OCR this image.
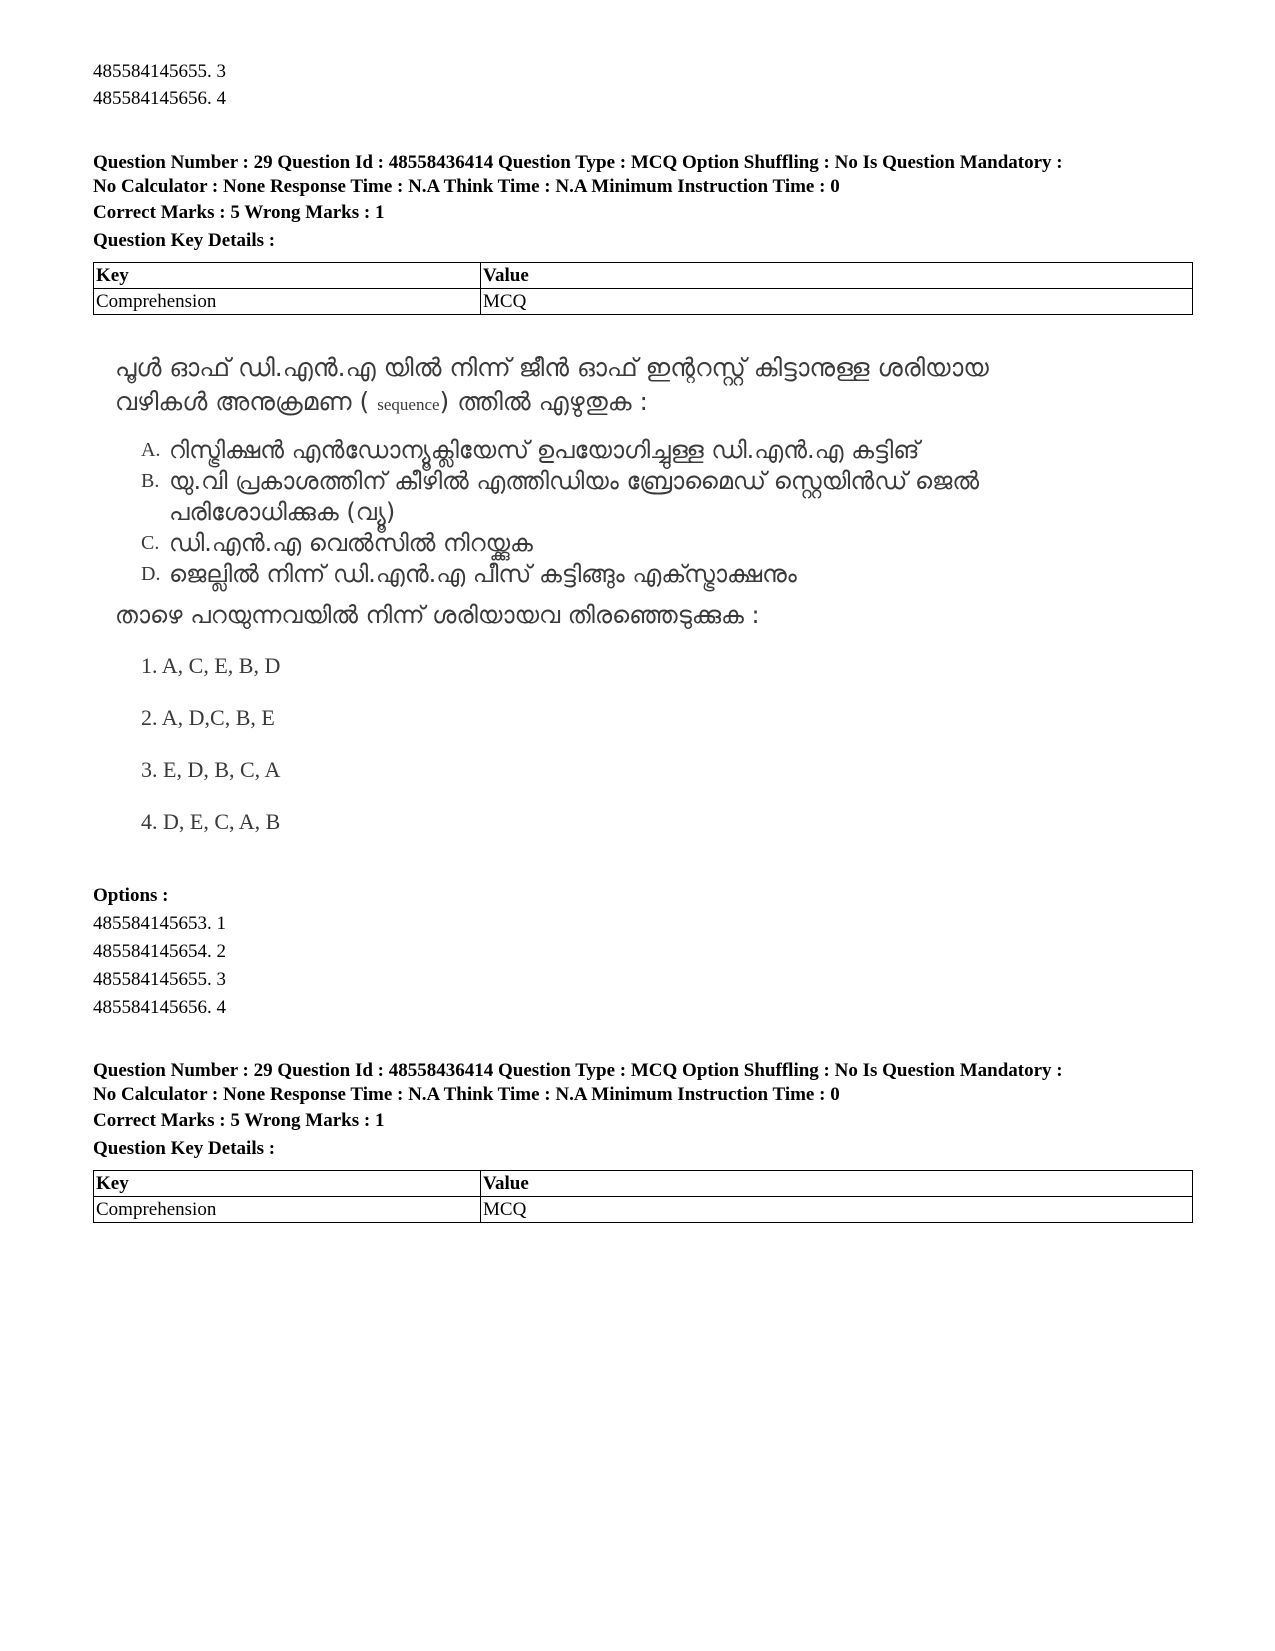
485584145655. 3
485584145656. 4
Question Number : 29 Question Id : 48558436414 Question Type : MCQ Option Shuffling : No Is Question Mandatory :
No Calculator : None Response Time : N.A Think Time : N.A Minimum Instruction Time : 0
Correct Marks : 5 Wrong Marks : 1
Question Key Details :
Key	Value
Comprehension	MCQ
പൂൾ ഓഫ് ഡി.എൻ.എ യിൽ നിന്ന് ജീൻ ഓഫ് ഇന്ററസ്റ്റ് കിട്ടാനുള്ള ശരിയായ
വഴികൾ അനുക്രമണ ( sequence) ത്തിൽ എഴുതുക :
A. റിസ്ട്രിക്ഷൻ എൻഡോന്യൂക്ലിയേസ് ഉപയോഗിച്ചുള്ള ഡി.എൻ.എ കട്ടിങ്
B. യു.വി പ്രകാശത്തിന് കീഴിൽ എത്തിഡിയം ബ്രോമൈഡ് സ്റ്റെയിൻഡ് ജെൽ പരിശോധിക്കുക (വ്യൂ)
C. ഡി.എൻ.എ വെൽസിൽ നിറയ്ക്കുക
D. ജെല്ലിൽ നിന്ന് ഡി.എൻ.എ പീസ് കട്ടിങ്ങും എക്സ്ട്രാക്ഷനും
താഴെ പറയുന്നവയിൽ നിന്ന് ശരിയായവ തിരഞ്ഞെടുക്കുക :
1. A, C, E, B, D
2. A, D,C, B, E
3. E, D, B, C, A
4. D, E, C, A, B
Options :
485584145653. 1
485584145654. 2
485584145655. 3
485584145656. 4
Question Number : 29 Question Id : 48558436414 Question Type : MCQ Option Shuffling : No Is Question Mandatory :
No Calculator : None Response Time : N.A Think Time : N.A Minimum Instruction Time : 0
Correct Marks : 5 Wrong Marks : 1
Question Key Details :
Key	Value
Comprehension	MCQ
